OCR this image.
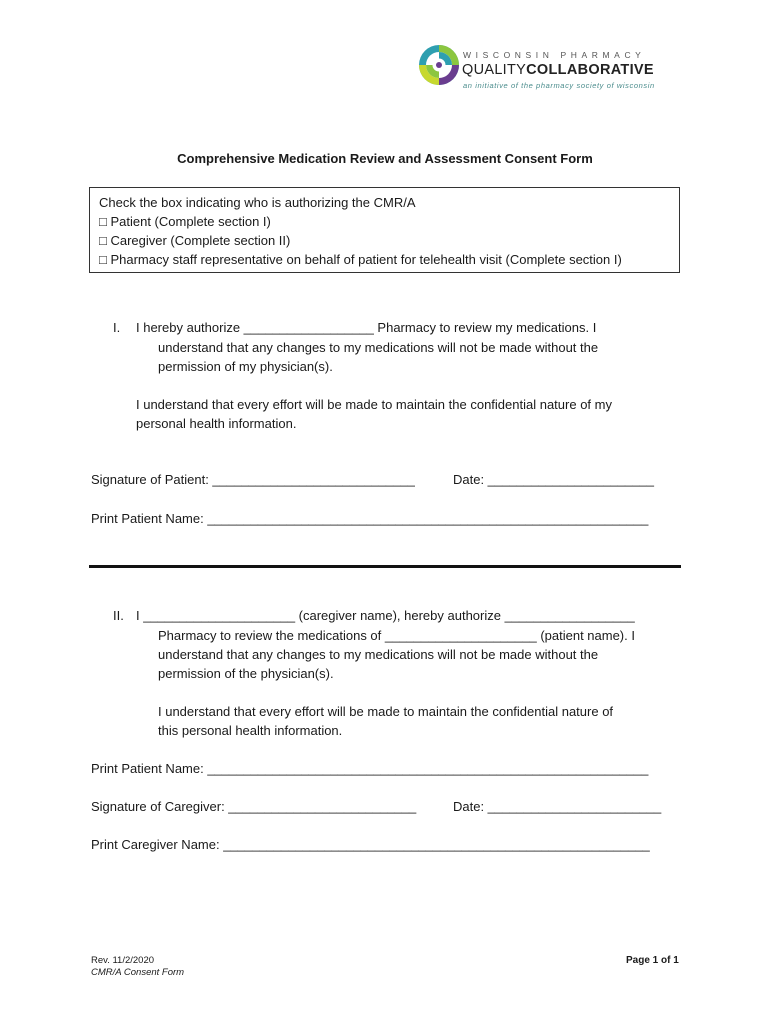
WISCONSIN PHARMACY
QUALITYCOLLABORATIVE
an initiative of the pharmacy society of wisconsin
Comprehensive Medication Review and Assessment Consent Form
Check the box indicating who is authorizing the CMR/A
□ Patient (Complete section I)
□ Caregiver (Complete section II)
□ Pharmacy staff representative on behalf of patient for telehealth visit (Complete section I)
I. I hereby authorize __________________ Pharmacy to review my medications. I
understand that any changes to my medications will not be made without the
permission of my physician(s).
I understand that every effort will be made to maintain the confidential nature of my
personal health information.
Signature of Patient: ____________________________	Date: _______________________
Print Patient Name: _____________________________________________________________
II. I _____________________ (caregiver name), hereby authorize __________________
Pharmacy to review the medications of _____________________ (patient name). I
understand that any changes to my medications will not be made without the
permission of the physician(s).
I understand that every effort will be made to maintain the confidential nature of
this personal health information.
Print Patient Name: _____________________________________________________________
Signature of Caregiver: __________________________	Date: ________________________
Print Caregiver Name: ___________________________________________________________
Rev. 11/2/2020
CMR/A Consent Form
Page 1 of 1
